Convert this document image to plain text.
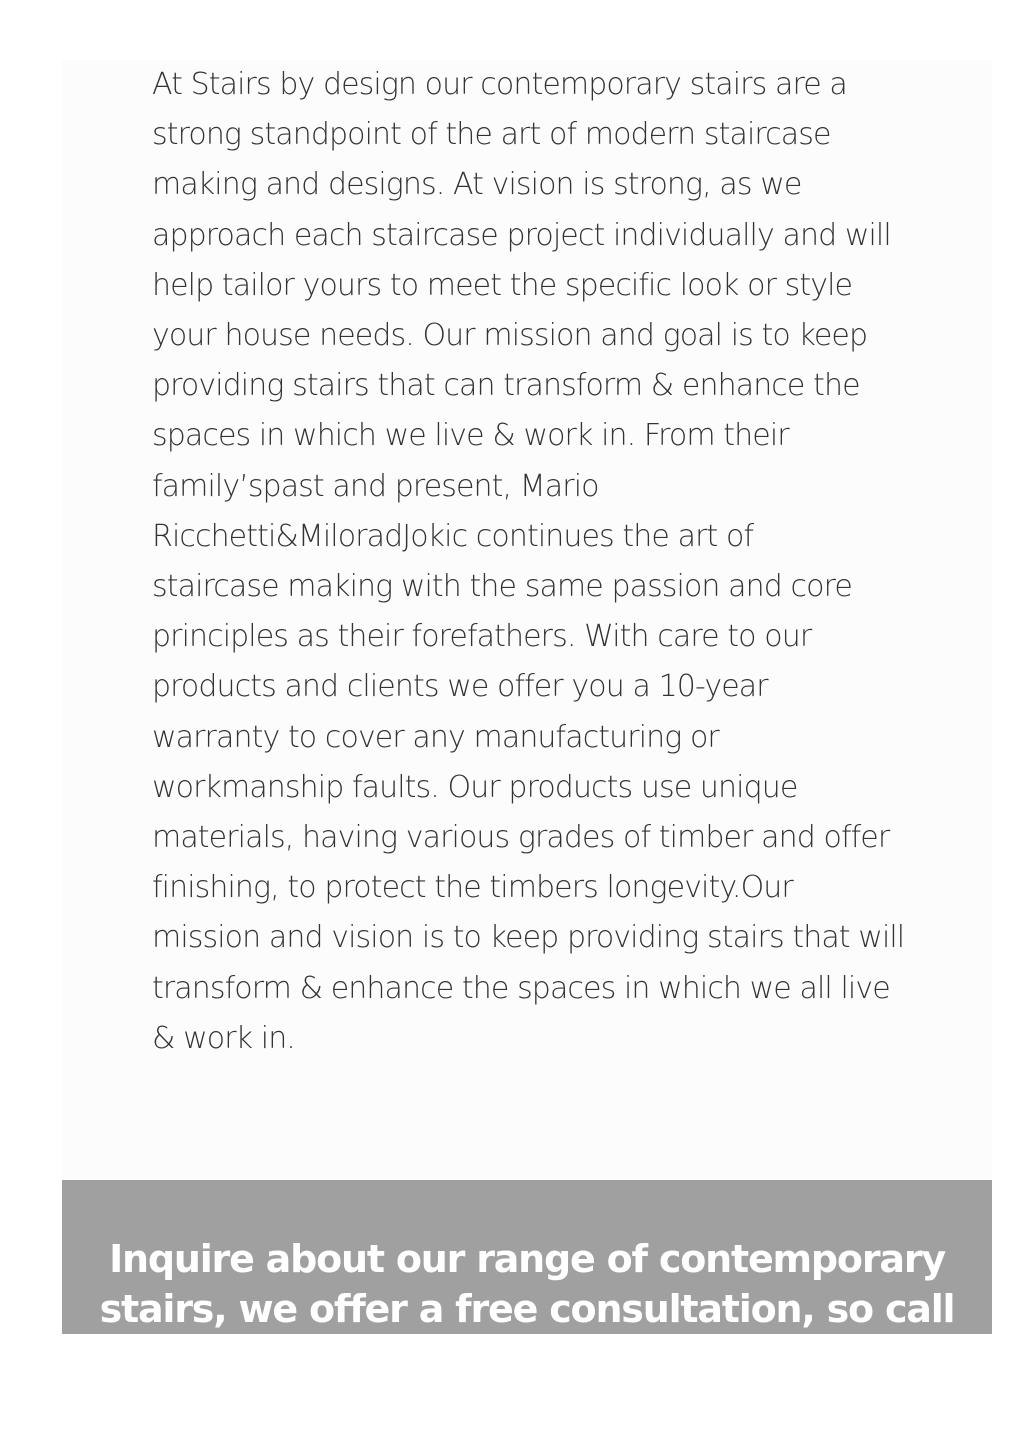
At Stairs by design our contemporary stairs are a
strong standpoint of the art of modern staircase
making and designs. At vision is strong, as we
approach each staircase project individually and will
help tailor yours to meet the specific look or style
your house needs. Our mission and goal is to keep
providing stairs that can transform & enhance the
spaces in which we live & work in. From their
family’spast and present, Mario
Ricchetti&MiloradJokic continues the art of
staircase making with the same passion and core
principles as their forefathers. With care to our
products and clients we offer you a 10-year
warranty to cover any manufacturing or
workmanship faults. Our products use unique
materials, having various grades of timber and offer
finishing, to protect the timbers longevity.Our
mission and vision is to keep providing stairs that will
transform & enhance the spaces in which we all live
& work in.

Inquire about our range of contemporary
stairs, we offer a free consultation, so call
